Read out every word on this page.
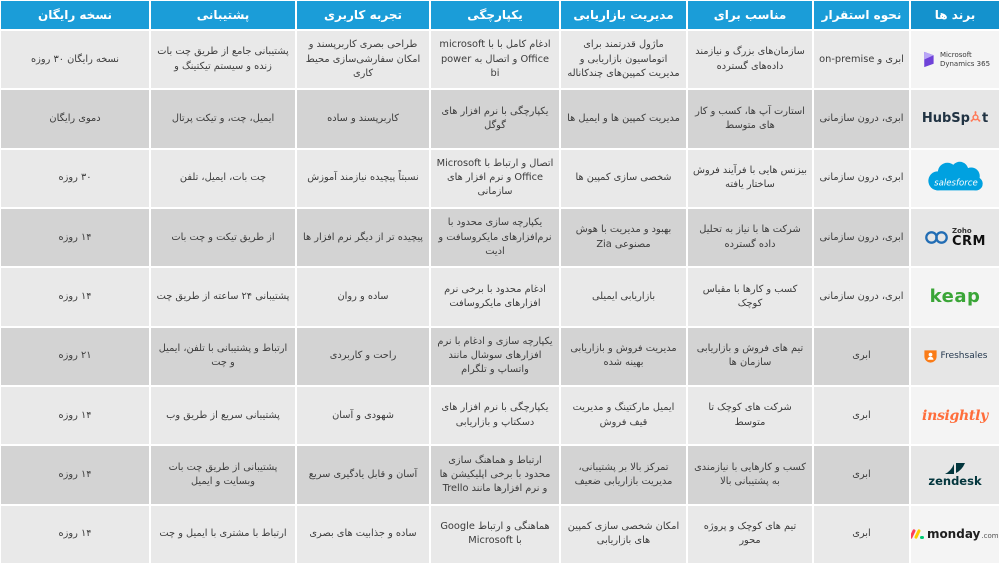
برند ها
نحوه استقرار
مناسب برای
مدیریت بازاریابی
یکپارچگی
تجربه کاربری
پشتیبانی
نسخه رایگان
Microsoft
Dynamics 365
ابری و on-premise
سازمان‌های بزرگ و نیازمند داده‌های گسترده
ماژول قدرتمند برای اتوماسیون بازاریابی و مدیریت کمپین‌های چندکاناله
ادغام کامل با با microsoft Office و اتصال به power bi
طراحی بصری کاربرپسند و امکان سفارشی‌سازی محیط کاری
پشتیبانی جامع از طریق چت بات زنده و سیستم تیکتینگ و
نسخه رایگان ۳۰ روزه
HubSp t
ابری، درون سازمانی
استارت آپ ها، کسب و کار های متوسط
مدیریت کمپین ها و ایمیل ها
یکپارچگی با نرم افزار های گوگل
کاربرپسند و ساده
ایمیل، چت، و تیکت پرتال
دموی رایگان
salesforce
ابری، درون سازمانی
بیزنس هایی با فرآیند فروش ساختار یافته
شخصی سازی کمپین ها
اتصال و ارتباط با Microsoft Office و نرم افزار های سازمانی
نسبتاً پیچیده نیازمند آموزش
چت بات، ایمیل، تلفن
۳۰ روزه
Zoho
CRM
ابری، درون سازمانی
شرکت ها با نیاز به تحلیل داده گسترده
بهبود و مدیریت با هوش مصنوعی Zia
یکپارچه سازی محدود با نرم‌افزارهای مایکروسافت و ادیت
پیچیده تر از دیگر نرم افزار ها
از طریق تیکت و چت بات
۱۴ روزه
keap
ابری، درون سازمانی
کسب و کارها با مقیاس کوچک
بازاریابی ایمیلی
ادغام محدود با برخی نرم افزارهای مایکروسافت
ساده و روان
پشتیبانی ۲۴ ساعته از طریق چت
۱۴ روزه
Freshsales
ابری
تیم های فروش و بازاریابی سازمان ها
مدیریت فروش و بازاریابی بهینه شده
یکپارچه سازی و ادغام با نرم افزارهای سوشال مانند واتساپ و تلگرام
راحت و کاربردی
ارتباط و پشتیبانی با تلفن، ایمیل و چت
۲۱ روزه
insightly
ابری
شرکت های کوچک تا متوسط
ایمیل مارکتینگ و مدیریت قیف فروش
یکپارچگی با نرم افزار های دسکتاپ و بازاریابی
شهودی و آسان
پشتیبانی سریع از طریق وب
۱۴ روزه
zendesk
ابری
کسب و کارهایی با نیازمندی به پشتیبانی بالا
تمرکز بالا بر پشتیبانی، مدیریت بازاریابی ضعیف
ارتباط و هماهنگ سازی محدود با برخی اپلیکیشن ها و نرم افزارها مانند Trello
آسان و قابل یادگیری سریع
پشتیبانی از طریق چت بات وبسایت و ایمیل
۱۴ روزه
monday .com
ابری
تیم های کوچک و پروژه محور
امکان شخصی سازی کمپین های بازاریابی
هماهنگی و ارتباط Google با Microsoft
ساده و جذابیت های بصری
ارتباط با مشتری با ایمیل و چت
۱۴ روزه
